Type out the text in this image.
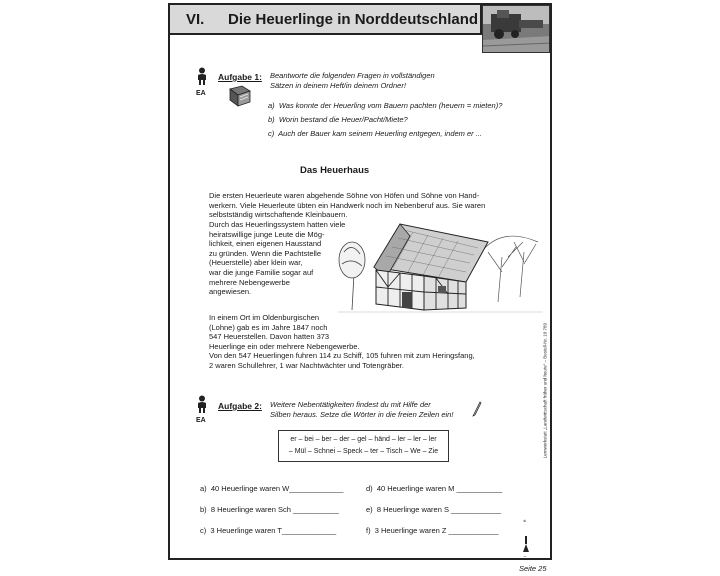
VI. Die Heuerlinge in Norddeutschland
EA
Aufgabe 1: Beantworte die folgenden Fragen in vollständigen
Sätzen in deinem Heft/in deinem Ordner!
a) Was konnte der Heuerling vom Bauern pachten (heuern = mieten)?
b) Worin bestand die Heuer/Pacht/Miete?
c) Auch der Bauer kam seinem Heuerling entgegen, indem er ...
Das Heuerhaus
Die ersten Heuerleute waren abgehende Söhne von Höfen und Söhne von Hand-
werkern. Viele Heuerleute übten ein Handwerk noch im Nebenberuf aus. Sie waren
selbstständig wirtschaftende Kleinbauern.
Durch das Heuerlingssystem hatten viele
heiratswillige junge Leute die Mög-
lichkeit, einen eigenen Hausstand
zu gründen. Wenn die Pachtstelle
(Heuerstelle) aber klein war,
war die junge Familie sogar auf
mehrere Nebengewerbe
angewiesen.
In einem Ort im Oldenburgischen
(Lohne) gab es im Jahre 1847 noch
547 Heuerstellen. Davon hatten 373
Heuerlinge ein oder mehrere Nebengewerbe.
Von den 547 Heuerlingen fuhren 114 zu Schiff, 105 fuhren mit zum Heringsfang,
2 waren Schullehrer, 1 war Nachtwächter und Totengräber.
EA
Aufgabe 2: Weitere Nebentätigkeiten findest du mit Hilfe der
Silben heraus. Setze die Wörter in die freien Zeilen ein!
er – bei – ber – der – gel – händ – ler – ler – ler
– Mül – Schnei – Speck – ter – Tisch – We – Zie
a) 40 Heuerlinge waren W_____________
b) 8 Heuerlinge waren Sch ___________
c) 3 Heuerlinge waren T_____________
d) 40 Heuerlinge waren M ___________
e) 8 Heuerlinge waren S ____________
f) 3 Heuerlinge waren Z ____________
Lernwerkstatt „Landwirtschaft früher und heute“ – Bestell-Nr. 10 789
Seite 25
